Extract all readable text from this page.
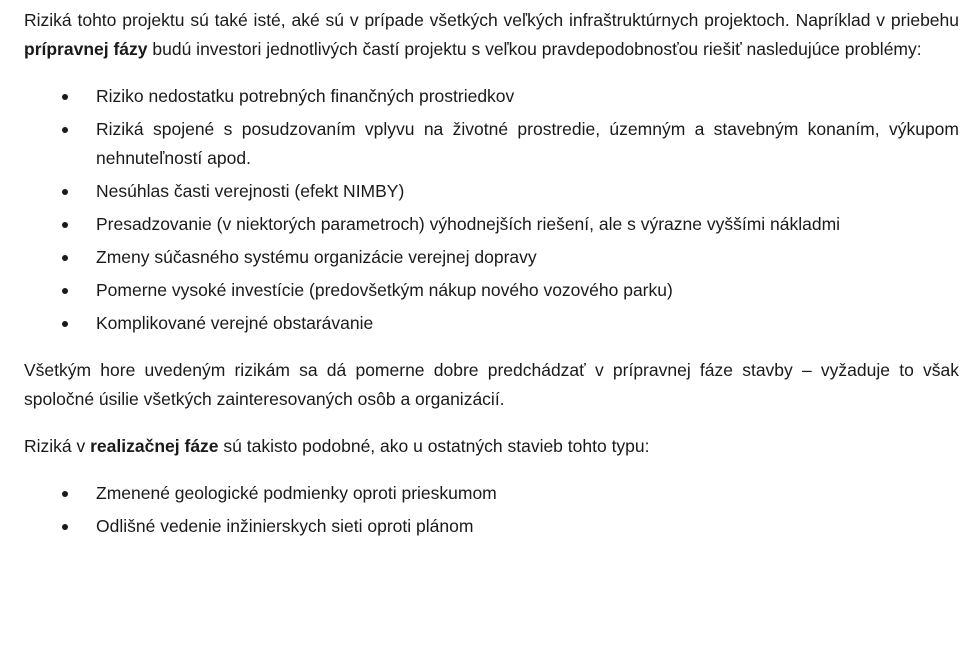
Riziká tohto projektu sú také isté, aké sú v prípade všetkých veľkých infraštruktúrnych projektoch. Napríklad v priebehu prípravnej fázy budú investori jednotlivých častí projektu s veľkou pravdepodobnosťou riešiť nasledujúce problémy:

Riziko nedostatku potrebných finančných prostriedkov
Riziká spojené s posudzovaním vplyvu na životné prostredie, územným a stavebným konaním, výkupom nehnuteľností apod.
Nesúhlas časti verejnosti (efekt NIMBY)
Presadzovanie (v niektorých parametroch) výhodnejších riešení, ale s výrazne vyššími nákladmi
Zmeny súčasného systému organizácie verejnej dopravy
Pomerne vysoké investície (predovšetkým nákup nového vozového parku)
Komplikované verejné obstarávanie

Všetkým hore uvedeným rizikám sa dá pomerne dobre predchádzať v prípravnej fáze stavby – vyžaduje to však spoločné úsilie všetkých zainteresovaných osôb a organizácií.

Riziká v realizačnej fáze sú takisto podobné, ako u ostatných stavieb tohto typu:

Zmenené geologické podmienky oproti prieskumom
Odlišné vedenie inžinierskych sieti oproti plánom
